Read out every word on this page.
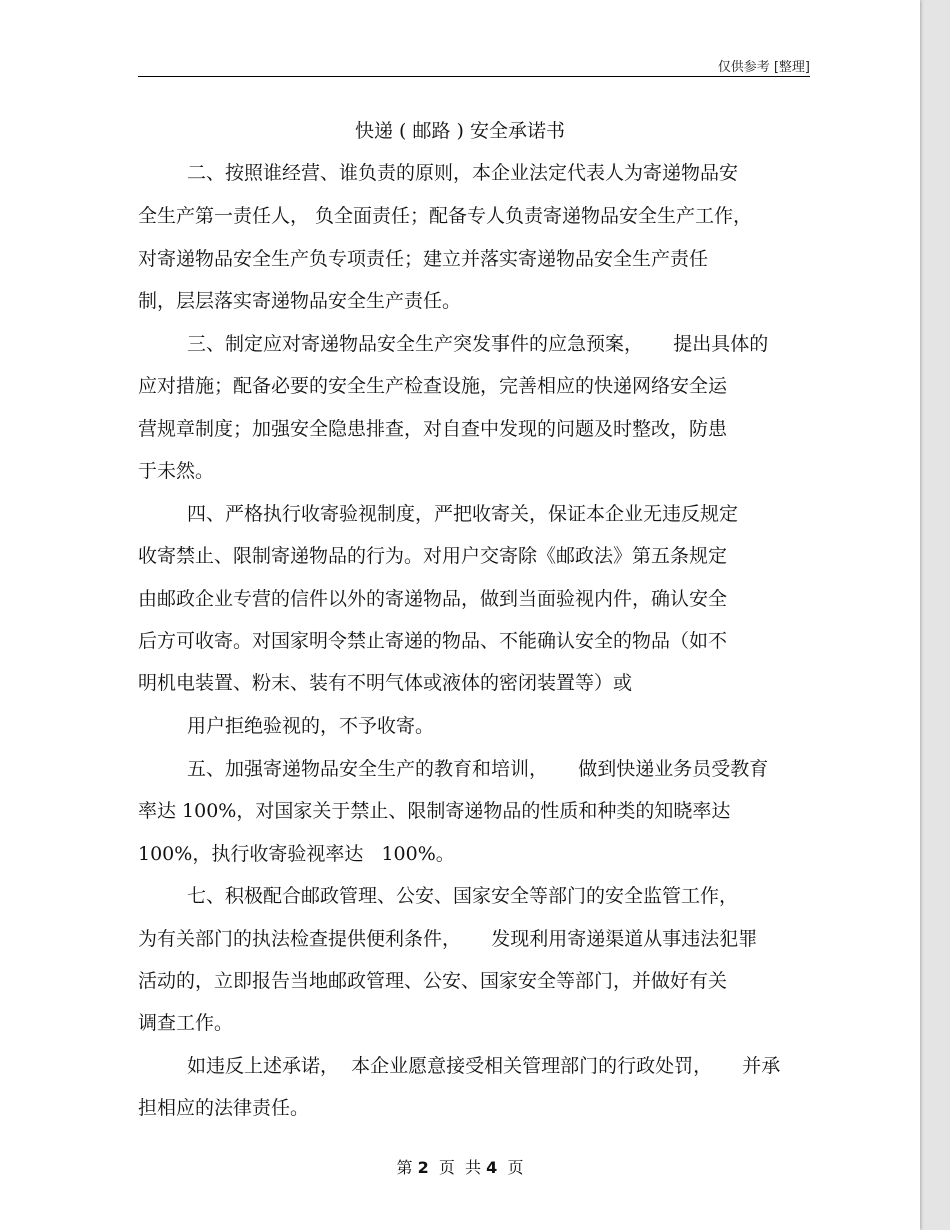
仅供参考 [整理]
快递 ( 邮路 ) 安全承诺书
二、按照谁经营、谁负责的原则，本企业法定代表人为寄递物品安
全生产第一责任人， 负全面责任；配备专人负责寄递物品安全生产工作，
对寄递物品安全生产负专项责任；建立并落实寄递物品安全生产责任
制，层层落实寄递物品安全生产责任。
三、制定应对寄递物品安全生产突发事件的应急预案，     提出具体的
应对措施；配备必要的安全生产检查设施，完善相应的快递网络安全运
营规章制度；加强安全隐患排查，对自查中发现的问题及时整改，防患
于未然。
四、严格执行收寄验视制度，严把收寄关，保证本企业无违反规定
收寄禁止、限制寄递物品的行为。对用户交寄除《邮政法》第五条规定
由邮政企业专营的信件以外的寄递物品，做到当面验视内件，确认安全
后方可收寄。对国家明令禁止寄递的物品、不能确认安全的物品（如不
明机电装置、粉末、装有不明气体或液体的密闭装置等）或
用户拒绝验视的，不予收寄。
五、加强寄递物品安全生产的教育和培训，     做到快递业务员受教育
率达 100%，对国家关于禁止、限制寄递物品的性质和种类的知晓率达
100%，执行收寄验视率达   100%。
七、积极配合邮政管理、公安、国家安全等部门的安全监管工作，
为有关部门的执法检查提供便利条件，     发现利用寄递渠道从事违法犯罪
活动的，立即报告当地邮政管理、公安、国家安全等部门，并做好有关
调查工作。
如违反上述承诺，  本企业愿意接受相关管理部门的行政处罚，     并承
担相应的法律责任。
第 2  页  共 4  页
